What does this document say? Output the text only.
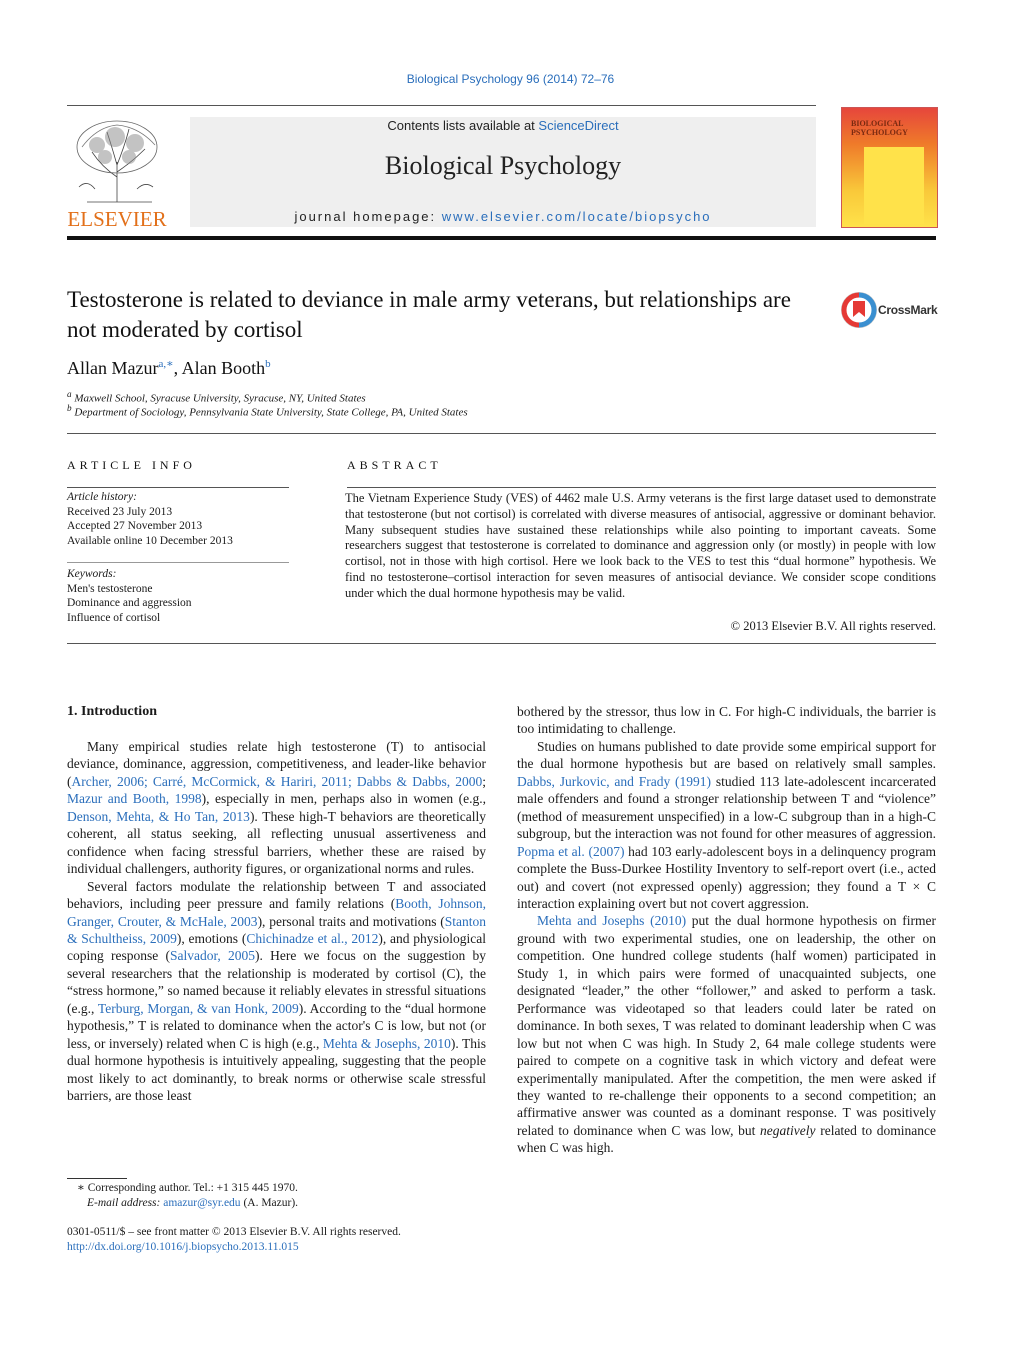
Biological Psychology 96 (2014) 72–76
ELSEVIER
Contents lists available at ScienceDirect
Biological Psychology
journal homepage: www.elsevier.com/locate/biopsycho
BIOLOGICAL PSYCHOLOGY
Testosterone is related to deviance in male army veterans, but relationships are not moderated by cortisol
CrossMark
Allan Mazur$^{a,∗}$, Alan Booth$^b$
$^a$ Maxwell School, Syracuse University, Syracuse, NY, United States
$^b$ Department of Sociology, Pennsylvania State University, State College, PA, United States
ARTICLE INFO
Article history:
Received 23 July 2013
Accepted 27 November 2013
Available online 10 December 2013
Keywords:
Men's testosterone
Dominance and aggression
Influence of cortisol
ABSTRACT
The Vietnam Experience Study (VES) of 4462 male U.S. Army veterans is the first large dataset used to demonstrate that testosterone (but not cortisol) is correlated with diverse measures of antisocial, aggressive or dominant behavior. Many subsequent studies have sustained these relationships while also pointing to important caveats. Some researchers suggest that testosterone is correlated to dominance and aggression only (or mostly) in people with low cortisol, not in those with high cortisol. Here we look back to the VES to test this “dual hormone” hypothesis. We find no testosterone–cortisol interaction for seven measures of antisocial deviance. We consider scope conditions under which the dual hormone hypothesis may be valid.
© 2013 Elsevier B.V. All rights reserved.
1. Introduction

Many empirical studies relate high testosterone (T) to antisocial deviance, dominance, aggression, competitiveness, and leader-like behavior (Archer, 2006; Carré, McCormick, & Hariri, 2011; Dabbs & Dabbs, 2000; Mazur and Booth, 1998), especially in men, perhaps also in women (e.g., Denson, Mehta, & Ho Tan, 2013). These high-T behaviors are theoretically coherent, all status seeking, all reflecting unusual assertiveness and confidence when facing stressful barriers, whether these are raised by individual challengers, authority figures, or organizational norms and rules.

Several factors modulate the relationship between T and associated behaviors, including peer pressure and family relations (Booth, Johnson, Granger, Crouter, & McHale, 2003), personal traits and motivations (Stanton & Schultheiss, 2009), emotions (Chichinadze et al., 2012), and physiological coping response (Salvador, 2005). Here we focus on the suggestion by several researchers that the relationship is moderated by cortisol (C), the “stress hormone,” so named because it reliably elevates in stressful situations (e.g., Terburg, Morgan, & van Honk, 2009). According to the “dual hormone hypothesis,” T is related to dominance when the actor's C is low, but not (or less, or inversely) related when C is high (e.g., Mehta & Josephs, 2010). This dual hormone hypothesis is intuitively appealing, suggesting that the people most likely to act dominantly, to break norms or otherwise scale stressful barriers, are those least

bothered by the stressor, thus low in C. For high-C individuals, the barrier is too intimidating to challenge.

Studies on humans published to date provide some empirical support for the dual hormone hypothesis but are based on relatively small samples. Dabbs, Jurkovic, and Frady (1991) studied 113 late-adolescent incarcerated male offenders and found a stronger relationship between T and “violence” (method of measurement unspecified) in a low-C subgroup than in a high-C subgroup, but the interaction was not found for other measures of aggression. Popma et al. (2007) had 103 early-adolescent boys in a delinquency program complete the Buss-Durkee Hostility Inventory to self-report overt (i.e., acted out) and covert (not expressed openly) aggression; they found a T × C interaction explaining overt but not covert aggression.

Mehta and Josephs (2010) put the dual hormone hypothesis on firmer ground with two experimental studies, one on leadership, the other on competition. One hundred college students (half women) participated in Study 1, in which pairs were formed of unacquainted subjects, one designated “leader,” the other “follower,” and asked to perform a task. Performance was videotaped so that leaders could later be rated on dominance. In both sexes, T was related to dominant leadership when C was low but not when C was high. In Study 2, 64 male college students were paired to compete on a cognitive task in which victory and defeat were experimentally manipulated. After the competition, the men were asked if they wanted to re-challenge their opponents to a second competition; an affirmative answer was counted as a dominant response. T was positively related to dominance when C was low, but negatively related to dominance when C was high.

∗ Corresponding author. Tel.: +1 315 445 1970.
E-mail address: amazur@syr.edu (A. Mazur).
0301-0511/$ – see front matter © 2013 Elsevier B.V. All rights reserved.
http://dx.doi.org/10.1016/j.biopsycho.2013.11.015
